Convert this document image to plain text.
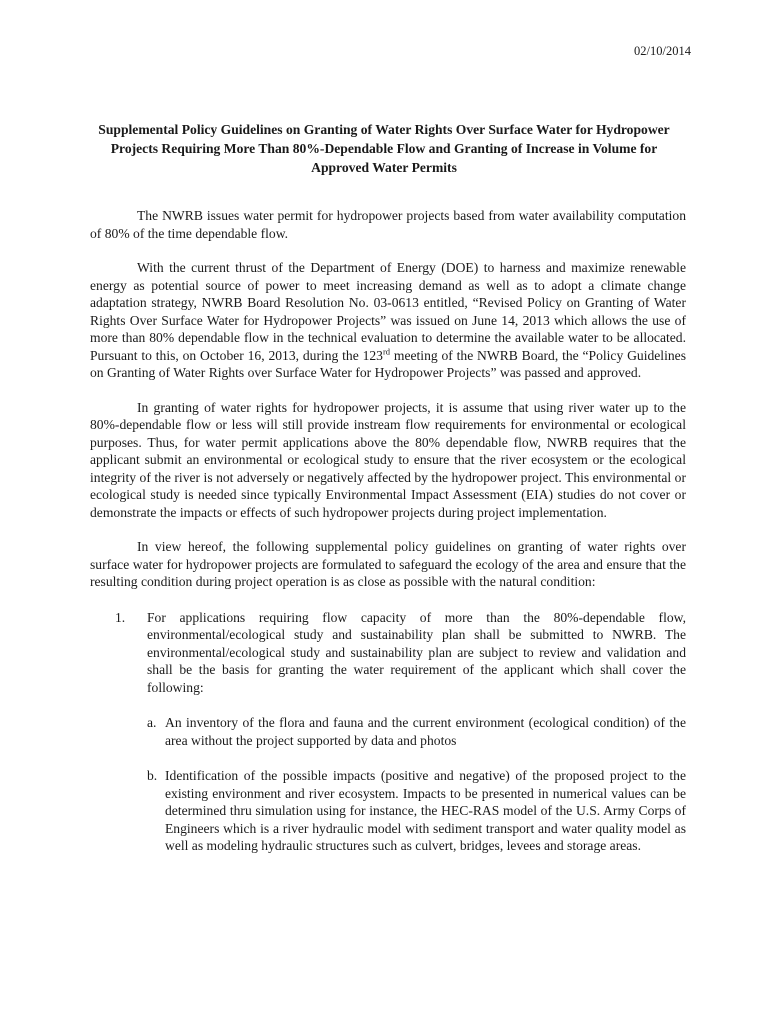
02/10/2014
Supplemental Policy Guidelines on Granting of Water Rights Over Surface Water for Hydropower Projects Requiring More Than 80%-Dependable Flow and Granting of Increase in Volume for Approved Water Permits

The NWRB issues water permit for hydropower projects based from water availability computation of 80% of the time dependable flow.

With the current thrust of the Department of Energy (DOE) to harness and maximize renewable energy as potential source of power to meet increasing demand as well as to adopt a climate change adaptation strategy, NWRB Board Resolution No. 03-0613 entitled, “Revised Policy on Granting of Water Rights Over Surface Water for Hydropower Projects” was issued on June 14, 2013 which allows the use of more than 80% dependable flow in the technical evaluation to determine the available water to be allocated. Pursuant to this, on October 16, 2013, during the 123rd meeting of the NWRB Board, the “Policy Guidelines on Granting of Water Rights over Surface Water for Hydropower Projects” was passed and approved.

In granting of water rights for hydropower projects, it is assume that using river water up to the 80%-dependable flow or less will still provide instream flow requirements for environmental or ecological purposes. Thus, for water permit applications above the 80% dependable flow, NWRB requires that the applicant submit an environmental or ecological study to ensure that the river ecosystem or the ecological integrity of the river is not adversely or negatively affected by the hydropower project. This environmental or ecological study is needed since typically Environmental Impact Assessment (EIA) studies do not cover or demonstrate the impacts or effects of such hydropower projects during project implementation.

In view hereof, the following supplemental policy guidelines on granting of water rights over surface water for hydropower projects are formulated to safeguard the ecology of the area and ensure that the resulting condition during project operation is as close as possible with the natural condition:

1. For applications requiring flow capacity of more than the 80%-dependable flow, environmental/ecological study and sustainability plan shall be submitted to NWRB. The environmental/ecological study and sustainability plan are subject to review and validation and shall be the basis for granting the water requirement of the applicant which shall cover the following:
a. An inventory of the flora and fauna and the current environment (ecological condition) of the area without the project supported by data and photos
b. Identification of the possible impacts (positive and negative) of the proposed project to the existing environment and river ecosystem. Impacts to be presented in numerical values can be determined thru simulation using for instance, the HEC-RAS model of the U.S. Army Corps of Engineers which is a river hydraulic model with sediment transport and water quality model as well as modeling hydraulic structures such as culvert, bridges, levees and storage areas.
